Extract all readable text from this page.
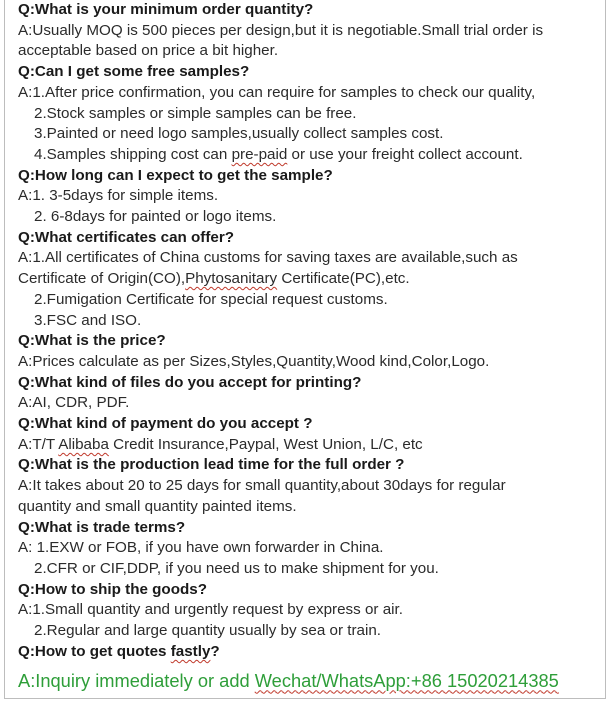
Q:What is your minimum order quantity?
A:Usually MOQ is 500 pieces per design,but it is negotiable.Small trial order is
acceptable based on price a bit higher.
Q:Can I get some free samples?
A:1.After price confirmation, you can require for samples to check our quality,
2.Stock samples or simple samples can be free.
3.Painted or need logo samples,usually collect samples cost.
4.Samples shipping cost can pre-paid or use your freight collect account.
Q:How long can I expect to get the sample?
A:1. 3-5days for simple items.
2. 6-8days for painted or logo items.
Q:What certificates can offer?
A:1.All certificates of China customs for saving taxes are available,such as
Certificate of Origin(CO),Phytosanitary Certificate(PC),etc.
2.Fumigation Certificate for special request customs.
3.FSC and ISO.
Q:What is the price?
A:Prices calculate as per Sizes,Styles,Quantity,Wood kind,Color,Logo.
Q:What kind of files do you accept for printing?
A:AI, CDR, PDF.
Q:What kind of payment do you accept ?
A:T/T Alibaba Credit Insurance,Paypal, West Union, L/C, etc
Q:What is the production lead time for the full order ?
A:It takes about 20 to 25 days for small quantity,about 30days for regular
quantity and small quantity painted items.
Q:What is trade terms?
A: 1.EXW or FOB, if you have own forwarder in China.
2.CFR or CIF,DDP, if you need us to make shipment for you.
Q:How to ship the goods?
A:1.Small quantity and urgently request by express or air.
2.Regular and large quantity usually by sea or train.
Q:How to get quotes fastly?
A:Inquiry immediately or add Wechat/WhatsApp:+86 15020214385
